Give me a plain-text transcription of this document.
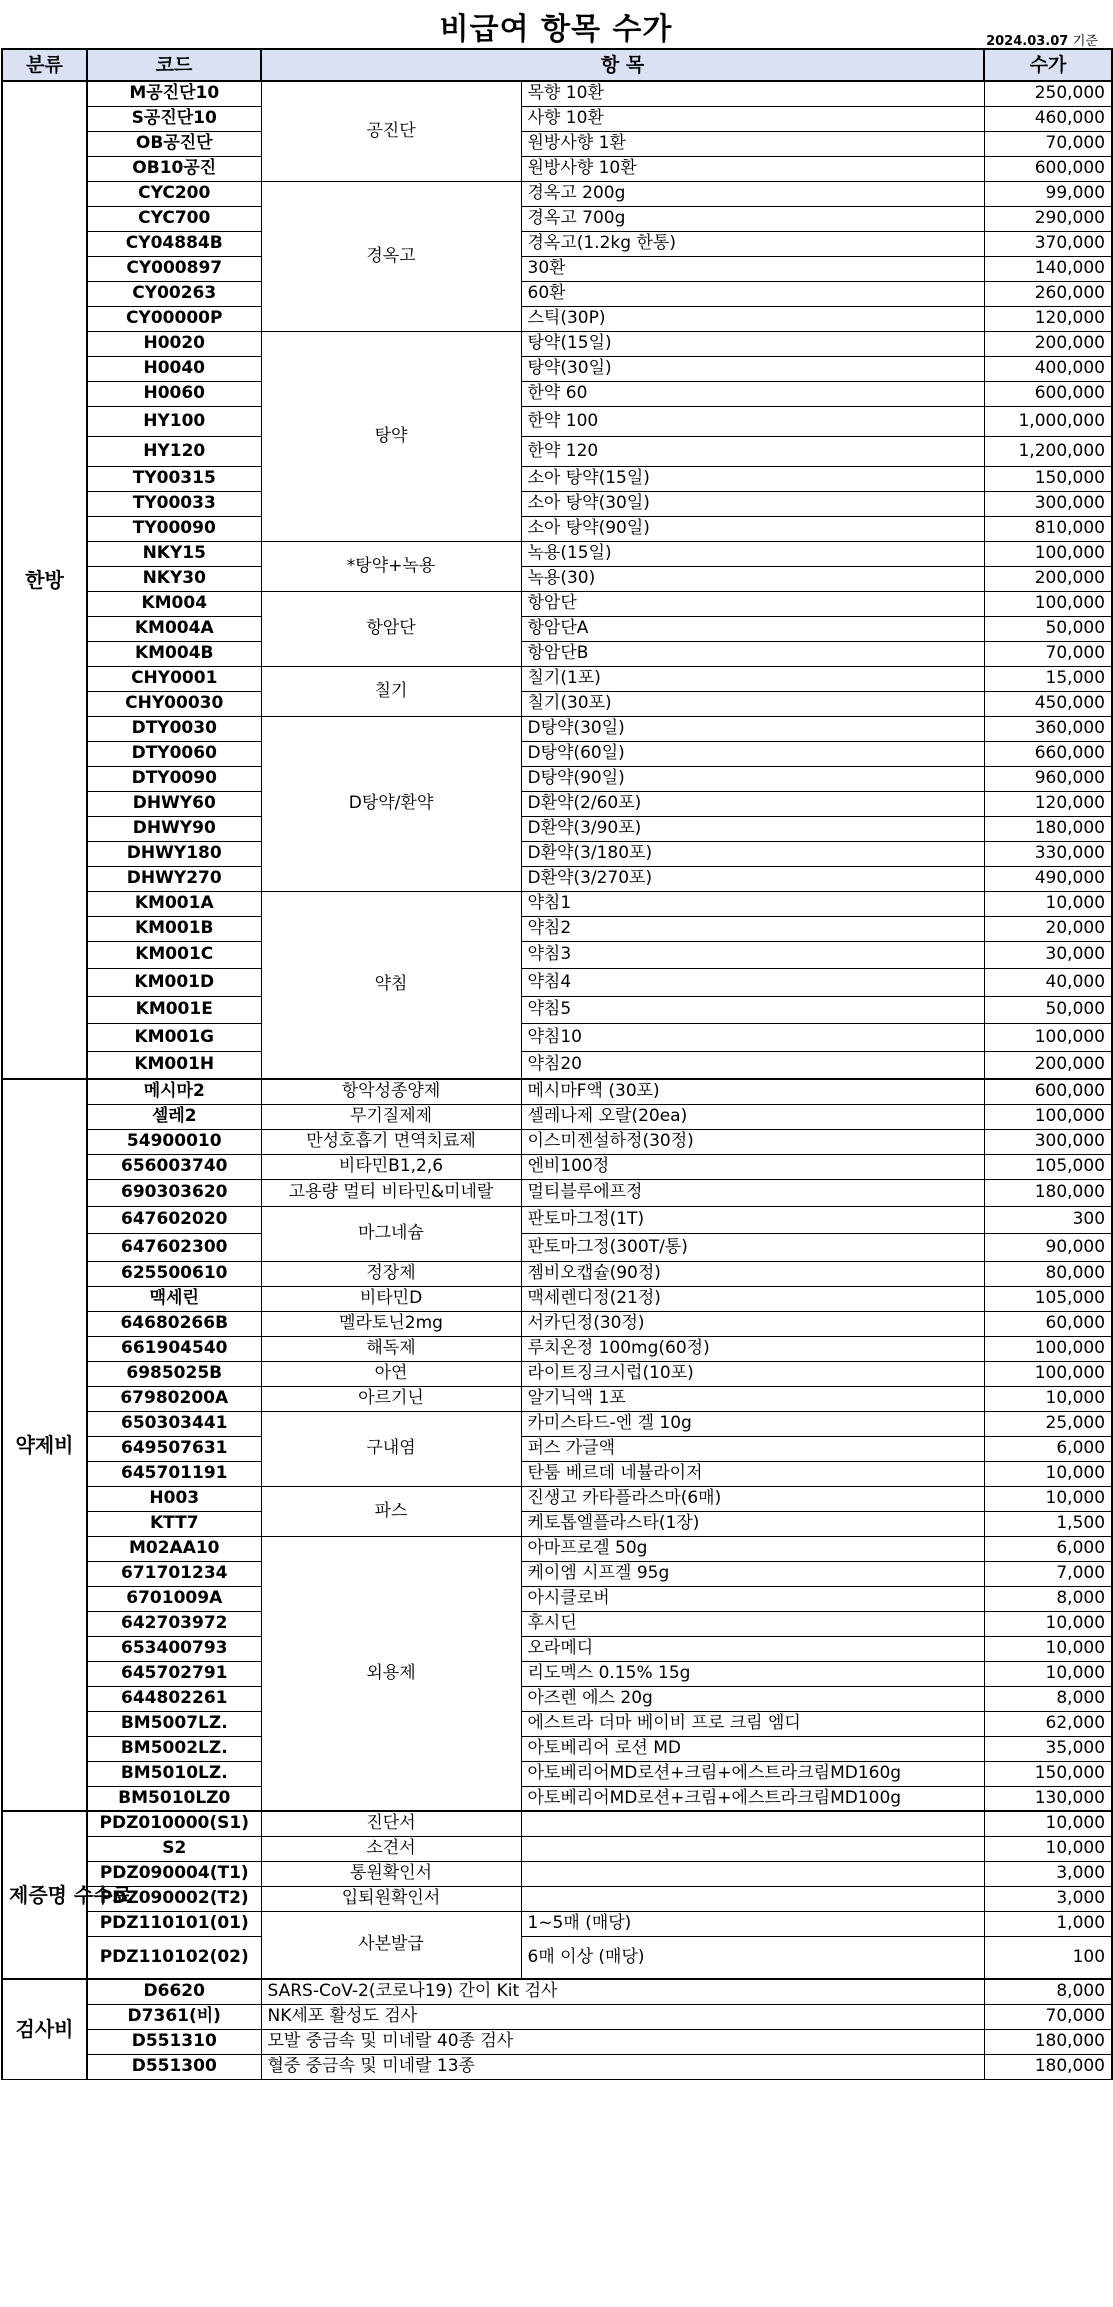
비급여 항목 수가	2024.03.07 기준
분류	코드	항 목		수가
한방	M공진단10	공진단	목향 10환	250,000
	S공진단10		사향 10환	460,000
	OB공진단		원방사향 1환	70,000
	OB10공진		원방사향 10환	600,000
	CYC200	경옥고	경옥고 200g	99,000
	CYC700		경옥고 700g	290,000
	CY04884B		경옥고(1.2kg 한통)	370,000
	CY000897		30환	140,000
	CY00263		60환	260,000
	CY00000P		스틱(30P)	120,000
	H0020	탕약	탕약(15일)	200,000
	H0040		탕약(30일)	400,000
	H0060		한약 60	600,000
	HY100		한약 100	1,000,000
	HY120		한약 120	1,200,000
	TY00315		소아 탕약(15일)	150,000
	TY00033		소아 탕약(30일)	300,000
	TY00090		소아 탕약(90일)	810,000
	NKY15	*탕약+녹용	녹용(15일)	100,000
	NKY30		녹용(30)	200,000
	KM004	항암단	항암단	100,000
	KM004A		항암단A	50,000
	KM004B		항암단B	70,000
	CHY0001	칠기	칠기(1포)	15,000
	CHY00030		칠기(30포)	450,000
	DTY0030	D탕약/환약	D탕약(30일)	360,000
	DTY0060		D탕약(60일)	660,000
	DTY0090		D탕약(90일)	960,000
	DHWY60		D환약(2/60포)	120,000
	DHWY90		D환약(3/90포)	180,000
	DHWY180		D환약(3/180포)	330,000
	DHWY270		D환약(3/270포)	490,000
	KM001A	약침	약침1	10,000
	KM001B		약침2	20,000
	KM001C		약침3	30,000
	KM001D		약침4	40,000
	KM001E		약침5	50,000
	KM001G		약침10	100,000
	KM001H		약침20	200,000
약제비	메시마2	항악성종양제	메시마F액 (30포)	600,000
	셀레2	무기질제제	셀레나제 오랄(20ea)	100,000
	54900010	만성호흡기 면역치료제	이스미젠설하정(30정)	300,000
	656003740	비타민B1,2,6	엔비100정	105,000
	690303620	고용량 멀티 비타민&미네랄	멀티블루에프정	180,000
	647602020	마그네슘	판토마그정(1T)	300
	647602300		판토마그정(300T/통)	90,000
	625500610	정장제	젬비오캡슐(90정)	80,000
	맥세린	비타민D	맥세렌디정(21정)	105,000
	64680266B	멜라토닌2mg	서카딘정(30정)	60,000
	661904540	해독제	루치온정 100mg(60정)	100,000
	6985025B	아연	라이트징크시럽(10포)	100,000
	67980200A	아르기닌	알기닉액 1포	10,000
	650303441	구내염	카미스타드-엔 겔 10g	25,000
	649507631		퍼스 가글액	6,000
	645701191		탄툼 베르데 네뷸라이저	10,000
	H003	파스	진생고 카타플라스마(6매)	10,000
	KTT7		케토톱엘플라스타(1장)	1,500
	M02AA10	외용제	아마프로겔 50g	6,000
	671701234		케이엠 시프겔 95g	7,000
	6701009A		아시클로버	8,000
	642703972		후시딘	10,000
	653400793		오라메디	10,000
	645702791		리도멕스 0.15% 15g	10,000
	644802261		아즈렌 에스 20g	8,000
	BM5007LZ.		에스트라 더마 베이비 프로 크림 엠디	62,000
	BM5002LZ.		아토베리어 로션 MD	35,000
	BM5010LZ.		아토베리어MD로션+크림+에스트라크림MD160g	150,000
	BM5010LZ0		아토베리어MD로션+크림+에스트라크림MD100g	130,000
제증명 수수료	PDZ010000(S1)	진단서		10,000
	S2	소견서		10,000
	PDZ090004(T1)	통원확인서		3,000
	PDZ090002(T2)	입퇴원확인서		3,000
	PDZ110101(01)	사본발급	1~5매 (매당)	1,000
	PDZ110102(02)		6매 이상 (매당)	100
검사비	D6620	SARS-CoV-2(코로나19) 간이 Kit 검사		8,000
	D7361(비)	NK세포 활성도 검사		70,000
	D551310	모발 중금속 및 미네랄 40종 검사		180,000
	D551300	혈중 중금속 및 미네랄 13종		180,000
